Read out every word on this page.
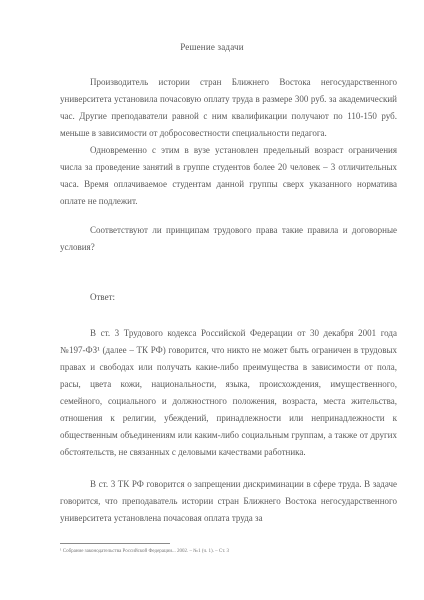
Решение задачи

Производитель истории стран Ближнего Востока негосударственного университета установила почасовую оплату труда в размере 300 руб. за академический час. Другие преподаватели равной с ним квалификации получают по 110-150 руб. меньше в зависимости от добросовестности специальности педагога.

Одновременно с этим в вузе установлен предельный возраст ограничения числа за проведение занятий в группе студентов более 20 человек – 3 отличительных часа. Время оплачиваемое студентам данной группы сверх указанного норматива оплате не подлежит.

Соответствуют ли принципам трудового права такие правила и договорные условия?

Ответ:

В ст. 3 Трудового кодекса Российской Федерации от 30 декабря 2001 года №197-ФЗ¹ (далее – ТК РФ) говорится, что никто не может быть ограничен в трудовых правах и свободах или получать какие-либо преимущества в зависимости от пола, расы, цвета кожи, национальности, языка, происхождения, имущественного, семейного, социального и должностного положения, возраста, места жительства, отношения к религии, убеждений, принадлежности или непринадлежности к общественным объединениям или каким-либо социальным группам, а также от других обстоятельств, не связанных с деловыми качествами работника.

В ст. 3 ТК РФ говорится о запрещении дискриминации в сфере труда. В задаче говорится, что преподаватель истории стран Ближнего Востока негосударственного университета установлена почасовая оплата труда за

¹ Собрание законодательства Российской Федерации... 2002. – №1 (ч. 1). – Ст. 3
